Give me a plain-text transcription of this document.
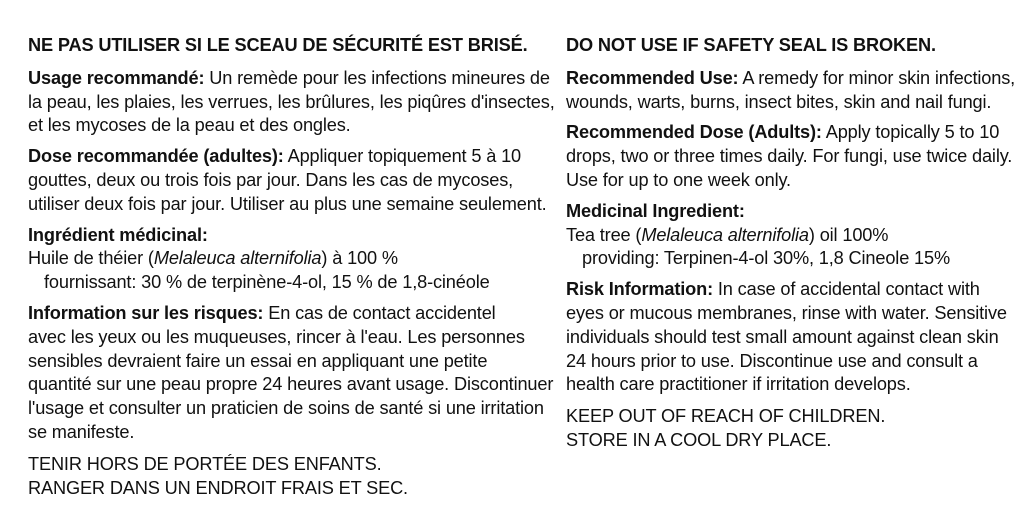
NE PAS UTILISER SI LE SCEAU DE SÉCURITÉ EST BRISÉ.
Usage recommandé: Un remède pour les infections mineures de
la peau, les plaies, les verrues, les brûlures, les piqûres d'insectes,
et les mycoses de la peau et des ongles.
Dose recommandée (adultes): Appliquer topiquement 5 à 10
gouttes, deux ou trois fois par jour. Dans les cas de mycoses,
utiliser deux fois par jour. Utiliser au plus une semaine seulement.
Ingrédient médicinal:
Huile de théier (Melaleuca alternifolia) à 100 %
fournissant: 30 % de terpinène-4-ol, 15 % de 1,8-cinéole
Information sur les risques: En cas de contact accidentel
avec les yeux ou les muqueuses, rincer à l'eau. Les personnes
sensibles devraient faire un essai en appliquant une petite
quantité sur une peau propre 24 heures avant usage. Discontinuer
l'usage et consulter un praticien de soins de santé si une irritation
se manifeste.
TENIR HORS DE PORTÉE DES ENFANTS.
RANGER DANS UN ENDROIT FRAIS ET SEC.
DO NOT USE IF SAFETY SEAL IS BROKEN.
Recommended Use: A remedy for minor skin infections,
wounds, warts, burns, insect bites, skin and nail fungi.
Recommended Dose (Adults): Apply topically 5 to 10
drops, two or three times daily. For fungi, use twice daily.
Use for up to one week only.
Medicinal Ingredient:
Tea tree (Melaleuca alternifolia) oil 100%
providing: Terpinen-4-ol 30%, 1,8 Cineole 15%
Risk Information: In case of accidental contact with
eyes or mucous membranes, rinse with water. Sensitive
individuals should test small amount against clean skin
24 hours prior to use. Discontinue use and consult a
health care practitioner if irritation develops.
KEEP OUT OF REACH OF CHILDREN.
STORE IN A COOL DRY PLACE.
